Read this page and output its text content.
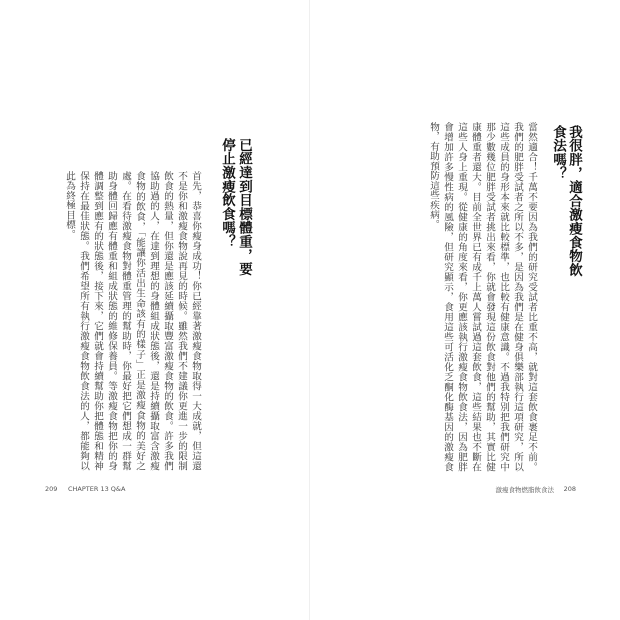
已經達到目標體重，要停止激瘦飲食嗎？
首先，恭喜你瘦身成功！你已經靠著激瘦食物取得一大成就，但這還不是你和激瘦食物說再見的時候。雖然我們不建議你更進一步的限制飲食的熱量，但你還是應該延續攝取豐富激瘦食物的飲食。許多我們協助過的人，在達到理想的身體組成狀態後，還是持續攝取富含激瘦食物的飲食，「能讓你活出生命該有的樣子」正是激瘦食物的美好之處。在看待激瘦食物對體重管理的幫助時，你最好把它們想成一群幫助身體回歸應有體重和組成狀態的維修保養員。等激瘦食物把你的身體調整到應有的狀態後，接下來，它們就會持續幫助你把體態和精神保持在最佳狀態。我們希望所有執行激瘦食物飲食法的人，都能夠以此為終極目標。
209 CHAPTER 13 Q&A
我很胖，適合激瘦食物飲食法嗎？
當然適合！千萬不要因為我們的研究受試者比重不高，就對這套飲食裹足不前。我們的肥胖受試者之所以不多，是因為我們是在健身俱樂部執行這項研究，所以這些成員的身形本來就比較標準，也比較有健康意識。不過我特別把我們研究中那少數幾位肥胖受試者挑出來看，你就會發現這份飲食對他們的幫助，其實比健康體重者還大。目前全世界已有成千上萬人嘗試過這套飲食，這些結果也不斷在這些人身上重現。從健康的角度來看，你更應該執行激瘦食物飲食法，因為肥胖會增加許多慢性病的風險，但研究顯示，食用這些可活化乏酮化酶基因的激瘦食物，有助預防這些疾病。
激瘦食物燃脂飲食法 208
